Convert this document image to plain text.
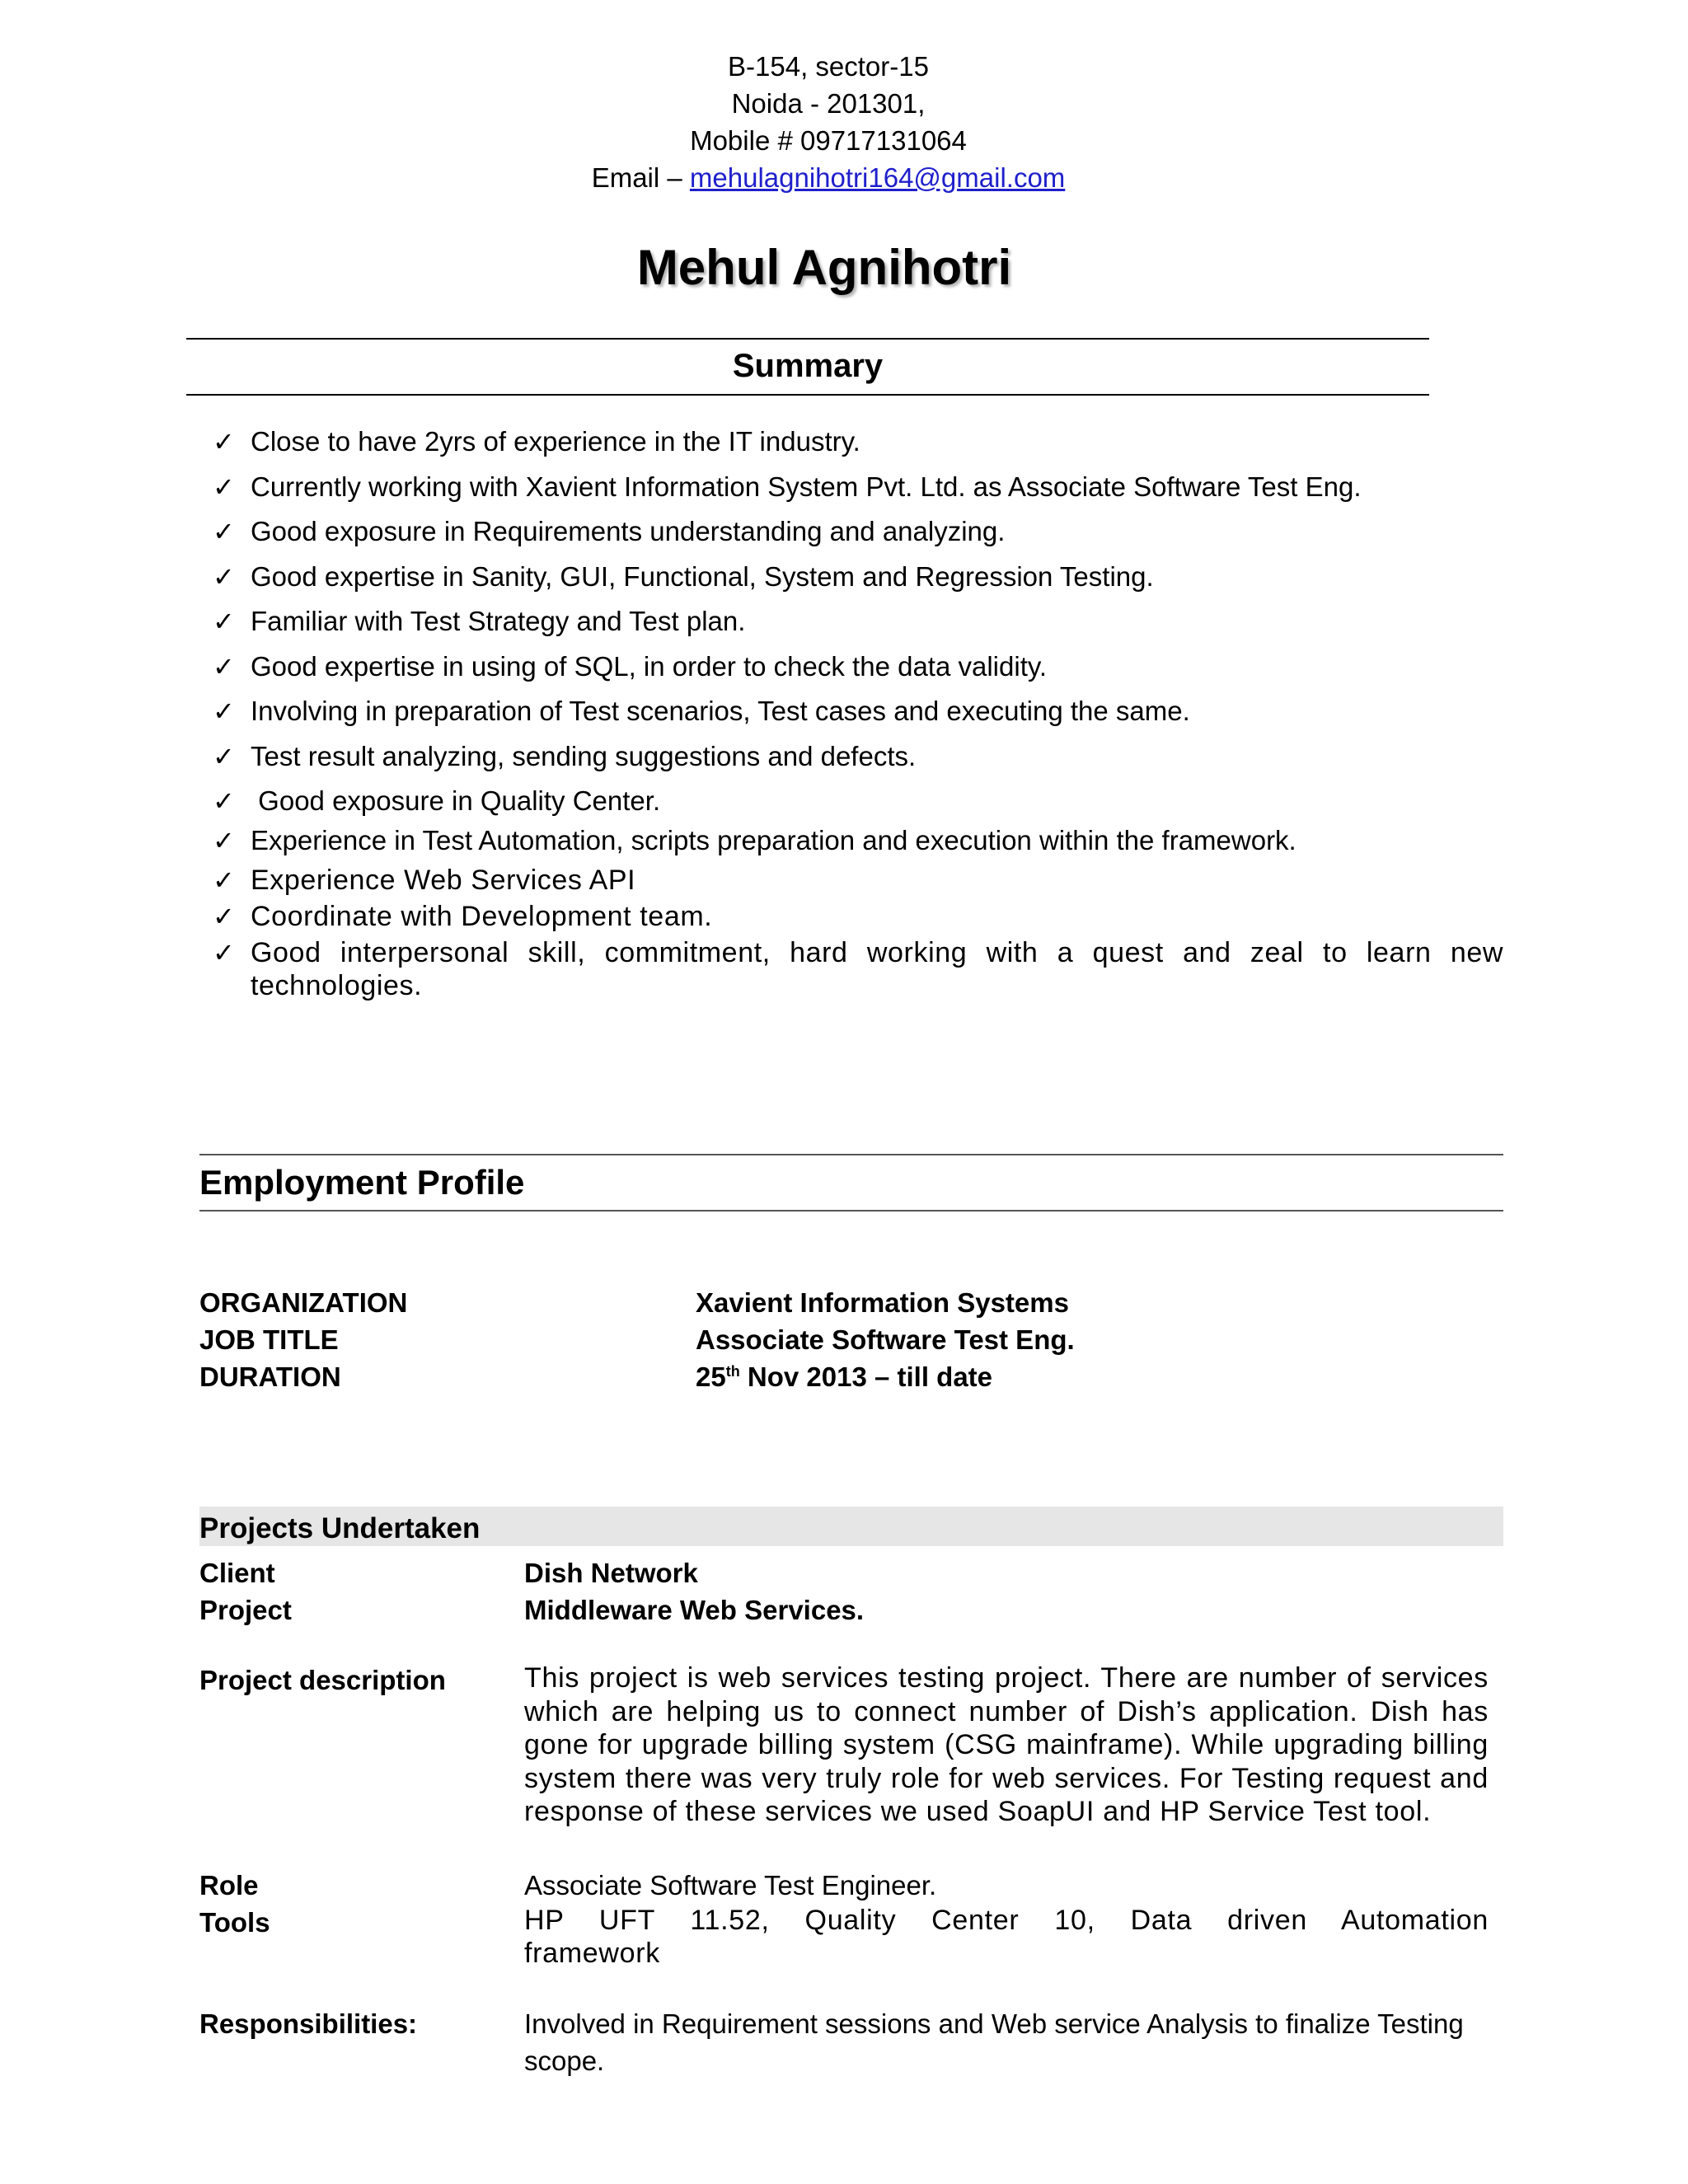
B-154, sector-15
Noida - 201301,
Mobile # 09717131064
Email – mehulagnihotri164@gmail.com
Mehul Agnihotri
Summary
✓ Close to have 2yrs of experience in the IT industry.
✓ Currently working with Xavient Information System Pvt. Ltd. as Associate Software Test Eng.
✓ Good exposure in Requirements understanding and analyzing.
✓ Good expertise in Sanity, GUI, Functional, System and Regression Testing.
✓ Familiar with Test Strategy and Test plan.
✓ Good expertise in using of SQL, in order to check the data validity.
✓ Involving in preparation of Test scenarios, Test cases and executing the same.
✓ Test result analyzing, sending suggestions and defects.
✓ Good exposure in Quality Center.
✓ Experience in Test Automation, scripts preparation and execution within the framework.
✓ Experience Web Services API
✓ Coordinate with Development team.
✓ Good interpersonal skill, commitment, hard working with a quest and zeal to learn new technologies.
Employment Profile
ORGANIZATION	Xavient Information Systems
JOB TITLE	Associate Software Test Eng.
DURATION	25th Nov 2013 – till date
Projects Undertaken
Client	Dish Network
Project	Middleware Web Services.
Project description	This project is web services testing project. There are number of services which are helping us to connect number of Dish’s application. Dish has gone for upgrade billing system (CSG mainframe). While upgrading billing system there was very truly role for web services. For Testing request and response of these services we used SoapUI and HP Service Test tool.
Role	Associate Software Test Engineer.
Tools	HP UFT 11.52, Quality Center 10, Data driven Automation framework
Responsibilities:	Involved in Requirement sessions and Web service Analysis to finalize Testing scope.
